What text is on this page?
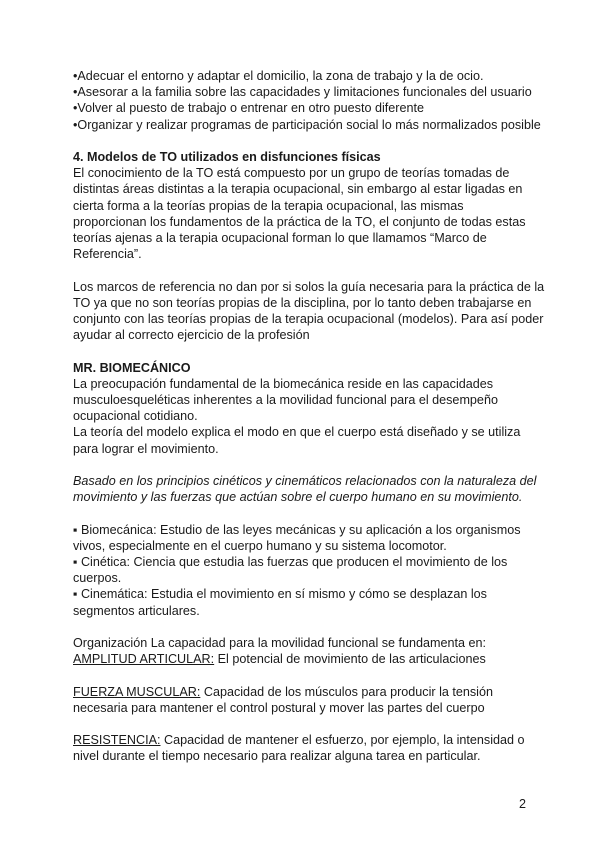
•Adecuar el entorno y adaptar el domicilio, la zona de trabajo y la de ocio.
•Asesorar a la familia sobre las capacidades y limitaciones funcionales del usuario
•Volver al puesto de trabajo o entrenar en otro puesto diferente
•Organizar y realizar programas de participación social lo más normalizados posible
4. Modelos de TO utilizados en disfunciones físicas
El conocimiento de la TO está compuesto por un grupo de teorías tomadas de
distintas áreas distintas a la terapia ocupacional, sin embargo al estar ligadas en
cierta forma a la teorías propias de la terapia ocupacional, las mismas
proporcionan los fundamentos de la práctica de la TO, el conjunto de todas estas
teorías ajenas a la terapia ocupacional forman lo que llamamos “Marco de
Referencia”.
Los marcos de referencia no dan por si solos la guía necesaria para la práctica de la
TO ya que no son teorías propias de la disciplina, por lo tanto deben trabajarse en
conjunto con las teorías propias de la terapia ocupacional (modelos). Para así poder
ayudar al correcto ejercicio de la profesión
MR. BIOMECÁNICO
La preocupación fundamental de la biomecánica reside en las capacidades
musculoesqueléticas inherentes a la movilidad funcional para el desempeño
ocupacional cotidiano.
La teoría del modelo explica el modo en que el cuerpo está diseñado y se utiliza
para lograr el movimiento.
Basado en los principios cinéticos y cinemáticos relacionados con la naturaleza del
movimiento y las fuerzas que actúan sobre el cuerpo humano en su movimiento.
▪ Biomecánica: Estudio de las leyes mecánicas y su aplicación a los organismos
vivos, especialmente en el cuerpo humano y su sistema locomotor.
▪ Cinética: Ciencia que estudia las fuerzas que producen el movimiento de los
cuerpos.
▪ Cinemática: Estudia el movimiento en sí mismo y cómo se desplazan los
segmentos articulares.
Organización La capacidad para la movilidad funcional se fundamenta en:
AMPLITUD ARTICULAR: El potencial de movimiento de las articulaciones
FUERZA MUSCULAR: Capacidad de los músculos para producir la tensión
necesaria para mantener el control postural y mover las partes del cuerpo
RESISTENCIA: Capacidad de mantener el esfuerzo, por ejemplo, la intensidad o
nivel durante el tiempo necesario para realizar alguna tarea en particular.
2
